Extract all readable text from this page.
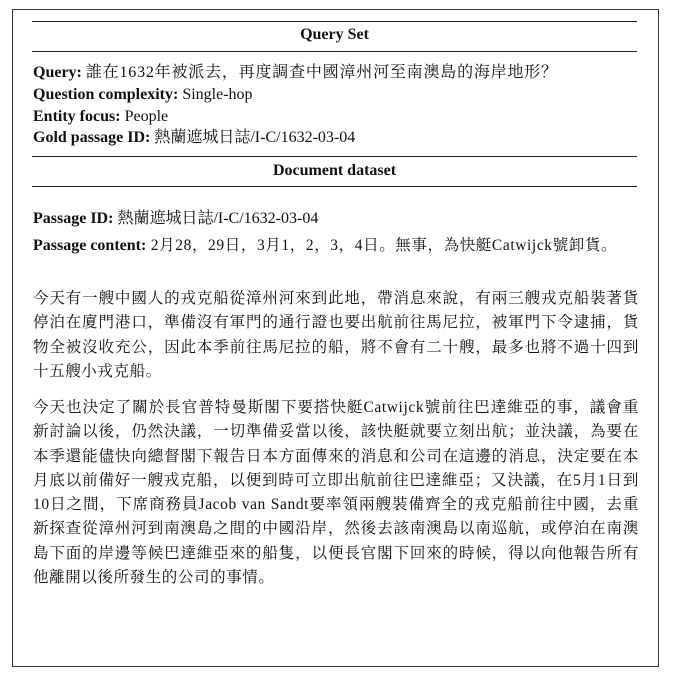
Query Set
Query: 誰在1632年被派去，再度調查中國漳州河至南澳島的海岸地形？
Question complexity: Single-hop
Entity focus: People
Gold passage ID: 熱蘭遮城日誌/I-C/1632-03-04
Document dataset
Passage ID: 熱蘭遮城日誌/I-C/1632-03-04
Passage content: 2月28，29日，3月1，2，3，4日。無事，為快艇Catwijck號卸貨。
今天有一艘中國人的戎克船從漳州河來到此地，帶消息來說，有兩三艘戎克船裝著貨停泊在廈門港口，準備沒有軍門的通行證也要出航前往馬尼拉，被軍門下令逮捕，貨物全被沒收充公，因此本季前往馬尼拉的船，將不會有二十艘，最多也將不過十四到十五艘小戎克船。
今天也決定了關於長官普特曼斯閣下要搭快艇Catwijck號前往巴達維亞的事，議會重新討論以後，仍然決議，一切準備妥當以後，該快艇就要立刻出航；並決議，為要在本季還能儘快向總督閣下報告日本方面傳來的消息和公司在這邊的消息，決定要在本月底以前備好一艘戎克船，以便到時可立即出航前往巴達維亞；又決議，在5月1日到10日之間，下席商務員Jacob van Sandt要率領兩艘裝備齊全的戎克船前往中國，去重新探查從漳州河到南澳島之間的中國沿岸，然後去該南澳島以南巡航，或停泊在南澳島下面的岸邊等候巴達維亞來的船隻，以便長官閣下回來的時候，得以向他報告所有他離開以後所發生的公司的事情。
